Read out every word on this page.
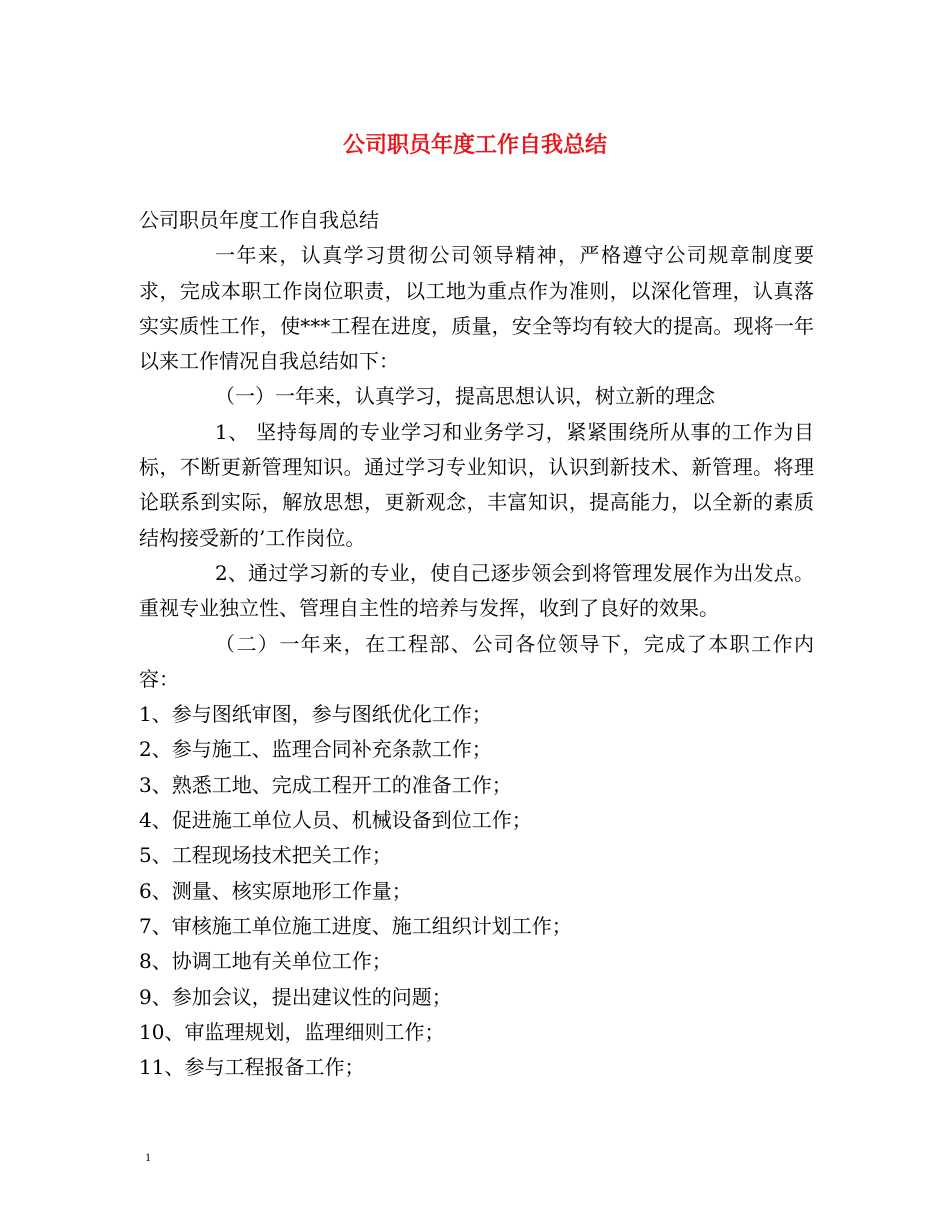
公司职员年度工作自我总结

公司职员年度工作自我总结

一年来，认真学习贯彻公司领导精神，严格遵守公司规章制度要求，完成本职工作岗位职责，以工地为重点作为准则，以深化管理，认真落实实质性工作，使***工程在进度，质量，安全等均有较大的提高。现将一年以来工作情况自我总结如下：

（一）一年来，认真学习，提高思想认识，树立新的理念

1、 坚持每周的专业学习和业务学习，紧紧围绕所从事的工作为目标，不断更新管理知识。通过学习专业知识，认识到新技术、新管理。将理论联系到实际，解放思想，更新观念，丰富知识，提高能力，以全新的素质结构接受新的’工作岗位。

2、通过学习新的专业，使自己逐步领会到将管理发展作为出发点。重视专业独立性、管理自主性的培养与发挥，收到了良好的效果。

（二）一年来，在工程部、公司各位领导下，完成了本职工作内容：

1、参与图纸审图，参与图纸优化工作；

2、参与施工、监理合同补充条款工作；

3、熟悉工地、完成工程开工的准备工作；

4、促进施工单位人员、机械设备到位工作；

5、工程现场技术把关工作；

6、测量、核实原地形工作量；

7、审核施工单位施工进度、施工组织计划工作；

8、协调工地有关单位工作；

9、参加会议，提出建议性的问题；

10、审监理规划，监理细则工作；

11、参与工程报备工作；

1
